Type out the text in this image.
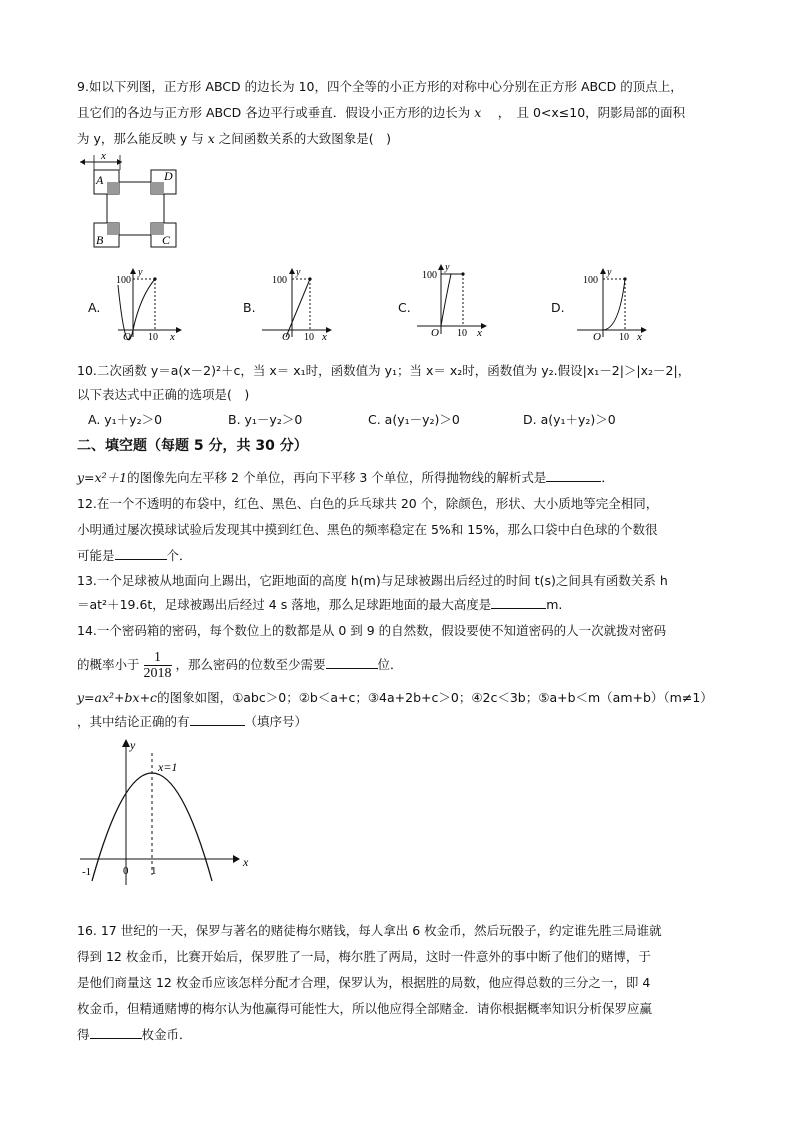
9.如以下列图，正方形 ABCD 的边长为 10，四个全等的小正方形的对称中心分别在正方形 ABCD 的顶点上，
且它们的各边与正方形 ABCD 各边平行或垂直．假设小正方形的边长为 x　 ，　且 0<x≤10，阴影局部的面积
为 y，那么能反映 y 与 x 之间函数关系的大致图象是(　)
x
A	D
B	C
A.
100
y
O 10 x
B.
100
y
O 10 x
C.
100
y
O 10 x
D.
100
y
O 10 x
10.二次函数 y＝a(x－2)²＋c，当 x＝ x₁时，函数值为 y₁；当 x＝ x₂时，函数值为 y₂.假设|x₁－2|＞|x₂－2|，
以下表达式中正确的选项是(　)
A. y₁＋y₂＞0	B. y₁－y₂＞0	C. a(y₁－y₂)＞0	D. a(y₁＋y₂)＞0
二、填空题（每题 5 分，共 30 分）
y=x²＋1的图像先向左平移 2 个单位，再向下平移 3 个单位，所得抛物线的解析式是	．
12.在一个不透明的布袋中，红色、黑色、白色的乒乓球共 20 个，除颜色，形状、大小质地等完全相同，
小明通过屡次摸球试验后发现其中摸到红色、黑色的频率稳定在 5%和 15%，那么口袋中白色球的个数很
可能是	个．
13.一个足球被从地面向上踢出，它距地面的高度 h(m)与足球被踢出后经过的时间 t(s)之间具有函数关系 h
＝at²＋19.6t，足球被踢出后经过 4 s 落地，那么足球距地面的最大高度是	m.
14.一个密码箱的密码，每个数位上的数都是从 0 到 9 的自然数，假设要使不知道密码的人一次就拨对密码
的概率小于 $\frac{1}{2018}$ ，那么密码的位数至少需要	位．
y=ax²+bx+c的图象如图，①abc＞0；②b＜a+c；③4a+2b+c＞0；④2c＜3b；⑤a+b＜m（am+b）（m≠1）
，其中结论正确的有	（填序号）
y
x
x=1
-1	0 1
16. 17 世纪的一天，保罗与著名的赌徒梅尔赌钱，每人拿出 6 枚金币，然后玩骰子，约定谁先胜三局谁就
得到 12 枚金币，比赛开始后，保罗胜了一局，梅尔胜了两局，这时一件意外的事中断了他们的赌博，于
是他们商量这 12 枚金币应该怎样分配才合理，保罗认为，根据胜的局数，他应得总数的三分之一，即 4
枚金币，但精通赌博的梅尔认为他赢得可能性大，所以他应得全部赌金．请你根据概率知识分析保罗应赢
得	枚金币．
